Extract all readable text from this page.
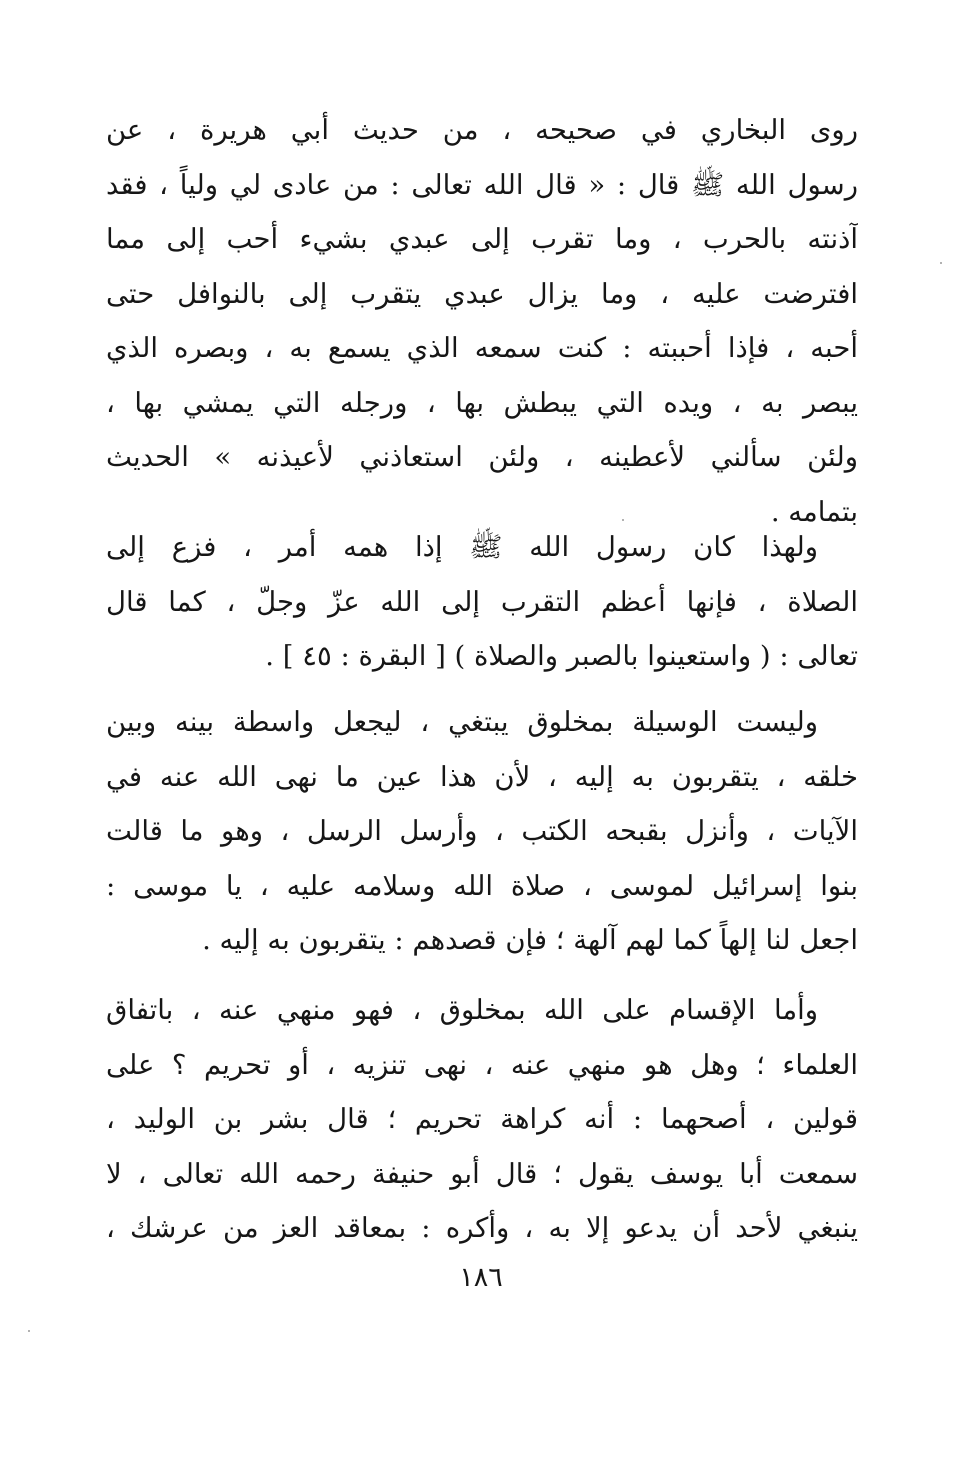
روى البخاري في صحيحه ، من حديث أبي هريرة ، عن
رسول الله ﷺ قال : « قال الله تعالى : من عادى لي ولياً ، فقد
آذنته بالحرب ، وما تقرب إلى عبدي بشيء أحب إلى مما
افترضت عليه ، وما يزال عبدي يتقرب إلى بالنوافل حتى
أحبه ، فإذا أحببته : كنت سمعه الذي يسمع به ، وبصره الذي
يبصر به ، ويده التي يبطش بها ، ورجله التي يمشي بها ،
ولئن سألني لأعطينه ، ولئن استعاذني لأعيذنه » الحديث
بتمامه .
ولهذا كان رسول الله ﷺ إذا همه أمر ، فزع إلى
الصلاة ، فإنها أعظم التقرب إلى الله عزّ وجلّ ، كما قال
تعالى : ( واستعينوا بالصبر والصلاة ) [ البقرة : ٤٥ ] .
وليست الوسيلة بمخلوق يبتغي ، ليجعل واسطة بينه وبين
خلقه ، يتقربون به إليه ، لأن هذا عين ما نهى الله عنه في
الآيات ، وأنزل بقبحه الكتب ، وأرسل الرسل ، وهو ما قالت
بنوا إسرائيل لموسى ، صلاة الله وسلامه عليه ، يا موسى :
اجعل لنا إلهاً كما لهم آلهة ؛ فإن قصدهم : يتقربون به إليه .
وأما الإقسام على الله بمخلوق ، فهو منهي عنه ، باتفاق
العلماء ؛ وهل هو منهي عنه ، نهى تنزيه ، أو تحريم ؟ على
قولين ، أصحهما : أنه كراهة تحريم ؛ قال بشر بن الوليد ،
سمعت أبا يوسف يقول ؛ قال أبو حنيفة رحمه الله تعالى ، لا
ينبغي لأحد أن يدعو إلا به ، وأكره : بمعاقد العز من عرشك ،
١٨٦
